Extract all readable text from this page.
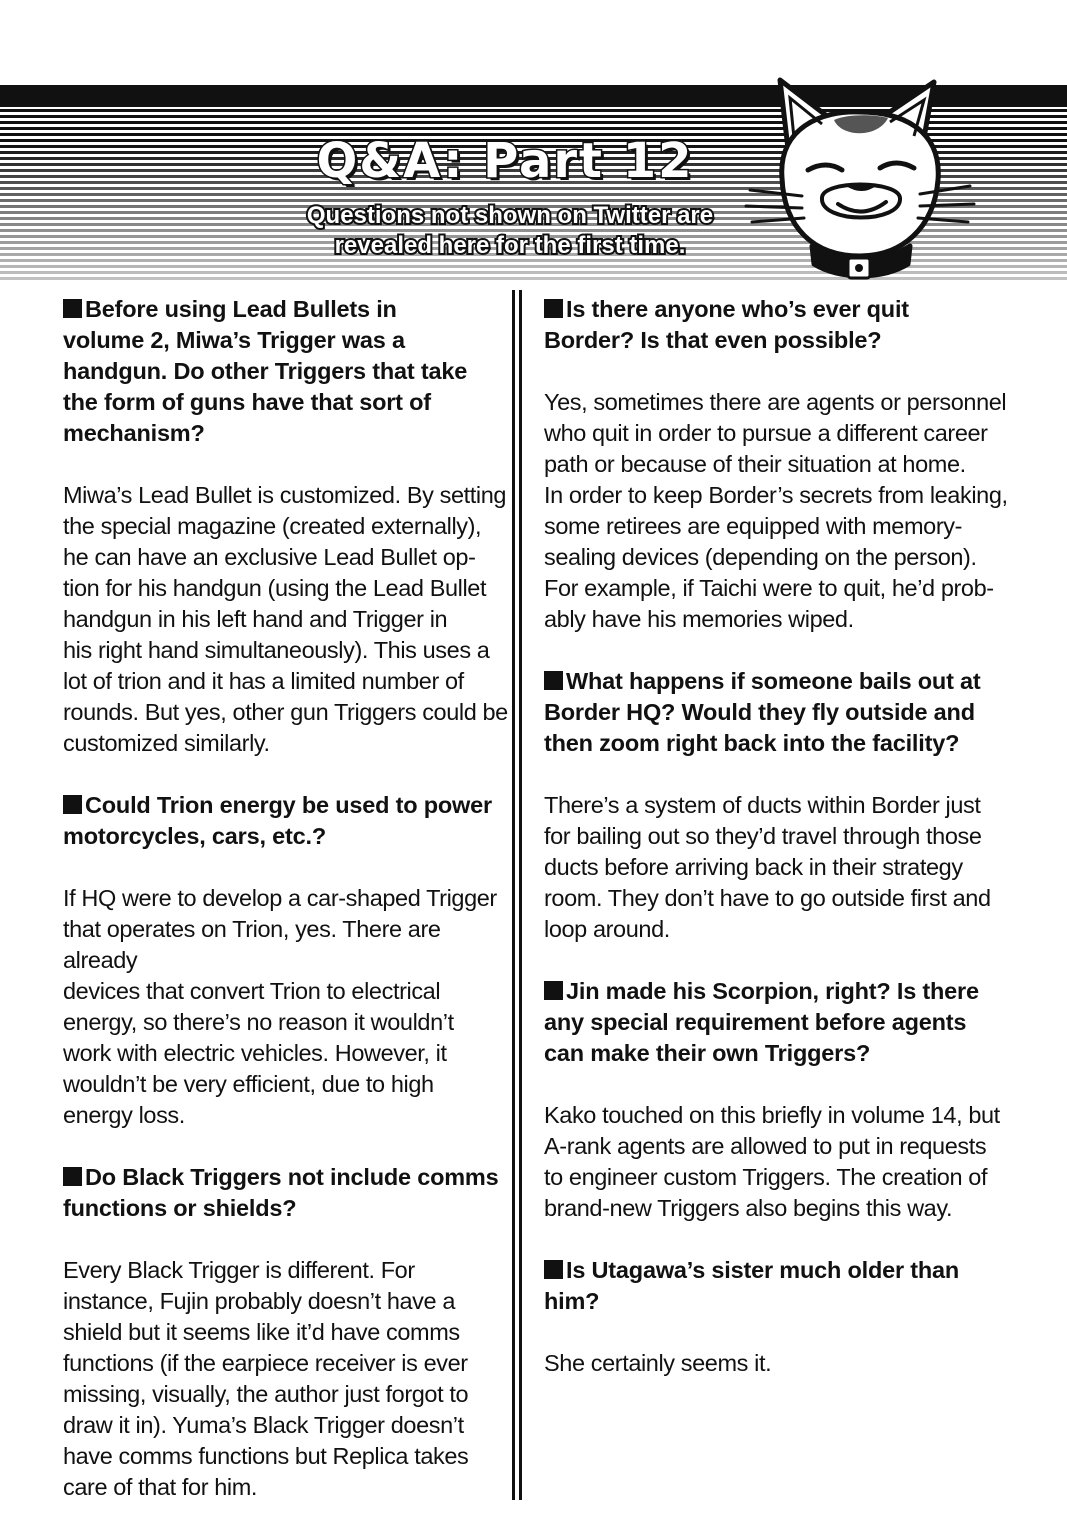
Q&A: Part 12
Questions not shown on Twitter are
revealed here for the first time.
Before using Lead Bullets in
volume 2, Miwa’s Trigger was a
handgun. Do other Triggers that take
the form of guns have that sort of
mechanism?
Miwa’s Lead Bullet is customized. By setting
the special magazine (created externally),
he can have an exclusive Lead Bullet op-
tion for his handgun (using the Lead Bullet
handgun in his left hand and Trigger in
his right hand simultaneously). This uses a
lot of trion and it has a limited number of
rounds. But yes, other gun Triggers could be
customized similarly.
Could Trion energy be used to power
motorcycles, cars, etc.?
If HQ were to develop a car-shaped Trigger
that operates on Trion, yes. There are already
devices that convert Trion to electrical
energy, so there’s no reason it wouldn’t
work with electric vehicles. However, it
wouldn’t be very efficient, due to high
energy loss.
Do Black Triggers not include comms
functions or shields?
Every Black Trigger is different. For
instance, Fujin probably doesn’t have a
shield but it seems like it’d have comms
functions (if the earpiece receiver is ever
missing, visually, the author just forgot to
draw it in). Yuma’s Black Trigger doesn’t
have comms functions but Replica takes
care of that for him.
Is there anyone who’s ever quit
Border? Is that even possible?
Yes, sometimes there are agents or personnel
who quit in order to pursue a different career
path or because of their situation at home.
In order to keep Border’s secrets from leaking,
some retirees are equipped with memory-
sealing devices (depending on the person).
For example, if Taichi were to quit, he’d prob-
ably have his memories wiped.
What happens if someone bails out at
Border HQ? Would they fly outside and
then zoom right back into the facility?
There’s a system of ducts within Border just
for bailing out so they’d travel through those
ducts before arriving back in their strategy
room. They don’t have to go outside first and
loop around.
Jin made his Scorpion, right? Is there
any special requirement before agents
can make their own Triggers?
Kako touched on this briefly in volume 14, but
A-rank agents are allowed to put in requests
to engineer custom Triggers. The creation of
brand-new Triggers also begins this way.
Is Utagawa’s sister much older than
him?
She certainly seems it.
